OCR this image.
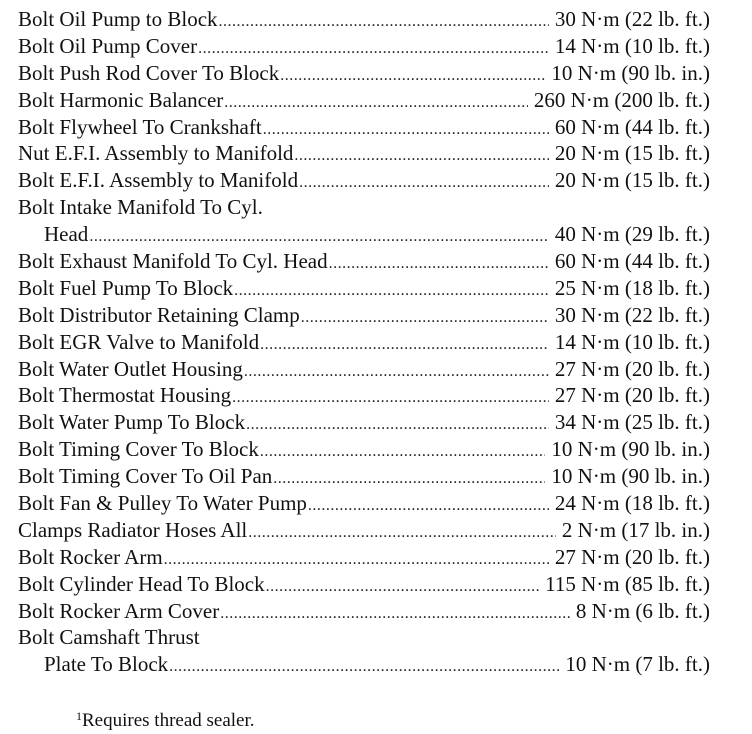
Bolt Oil Pump to Block .....	30 N·m (22 lb. ft.)
Bolt Oil Pump Cover .....	14 N·m (10 lb. ft.)
Bolt Push Rod Cover To Block .....	10 N·m (90 lb. in.)
Bolt Harmonic Balancer .....	260 N·m (200 lb. ft.)
Bolt Flywheel To Crankshaft .....	60 N·m (44 lb. ft.)
Nut E.F.I. Assembly to Manifold .....	20 N·m (15 lb. ft.)
Bolt E.F.I. Assembly to Manifold .....	20 N·m (15 lb. ft.)
Bolt Intake Manifold To Cyl.
Head .....	40 N·m (29 lb. ft.)
Bolt Exhaust Manifold To Cyl. Head .....	60 N·m (44 lb. ft.)
Bolt Fuel Pump To Block .....	25 N·m (18 lb. ft.)
Bolt Distributor Retaining Clamp .....	30 N·m (22 lb. ft.)
Bolt EGR Valve to Manifold .....	14 N·m (10 lb. ft.)
Bolt Water Outlet Housing .....	27 N·m (20 lb. ft.)
Bolt Thermostat Housing .....	27 N·m (20 lb. ft.)
Bolt Water Pump To Block .....	34 N·m (25 lb. ft.)
Bolt Timing Cover To Block .....	10 N·m (90 lb. in.)
Bolt Timing Cover To Oil Pan .....	10 N·m (90 lb. in.)
Bolt Fan & Pulley To Water Pump .....	24 N·m (18 lb. ft.)
Clamps Radiator Hoses All .....	2 N·m (17 lb. in.)
Bolt Rocker Arm .....	27 N·m (20 lb. ft.)
Bolt Cylinder Head To Block .....	115 N·m (85 lb. ft.)
Bolt Rocker Arm Cover .....	8 N·m (6 lb. ft.)
Bolt Camshaft Thrust
Plate To Block .....	10 N·m (7 lb. ft.)
$^1$Requires thread sealer.
